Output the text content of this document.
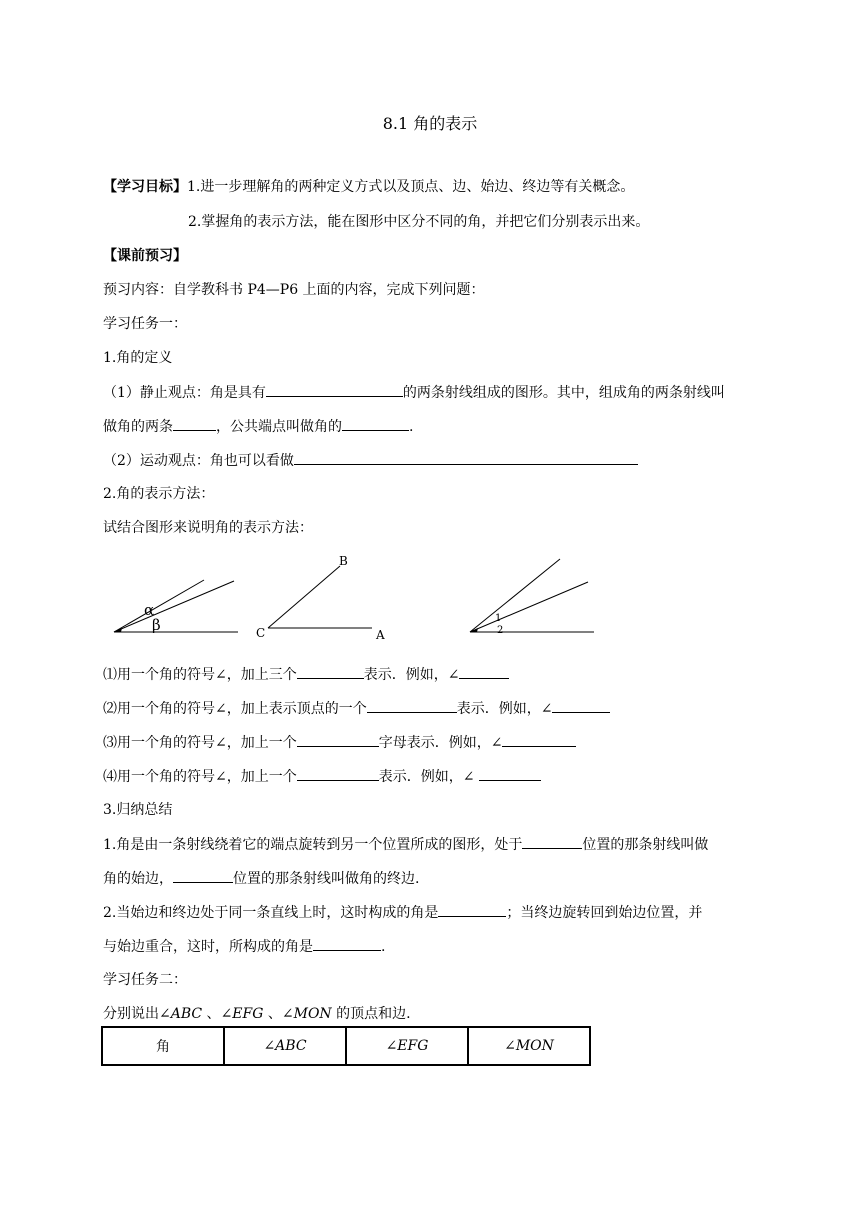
8.1 角的表示
【学习目标】1.进一步理解角的两种定义方式以及顶点、边、始边、终边等有关概念。
2.掌握角的表示方法，能在图形中区分不同的角，并把它们分别表示出来。
【课前预习】
预习内容：自学教科书 P4—P6 上面的内容，完成下列问题：
学习任务一：
1.角的定义
（1）静止观点：角是具有	的两条射线组成的图形。其中，组成角的两条射线叫
做角的两条	，公共端点叫做角的	.
（2）运动观点：角也可以看做
2.角的表示方法：
试结合图形来说明角的表示方法：
α
β
B
C	A
1
2
⑴用一个角的符号∠，加上三个	表示．例如，∠
⑵用一个角的符号∠，加上表示顶点的一个	表示．例如，∠
⑶用一个角的符号∠，加上一个	字母表示．例如，∠
⑷用一个角的符号∠，加上一个	表示．例如，∠
3.归纳总结
1.角是由一条射线绕着它的端点旋转到另一个位置所成的图形，处于	位置的那条射线叫做
角的始边，	位置的那条射线叫做角的终边.
2.当始边和终边处于同一条直线上时，这时构成的角是	；当终边旋转回到始边位置，并
与始边重合，这时，所构成的角是	.
学习任务二：
分别说出∠ABC 、∠EFG 、∠MON 的顶点和边.
角	∠ABC	∠EFG	∠MON
